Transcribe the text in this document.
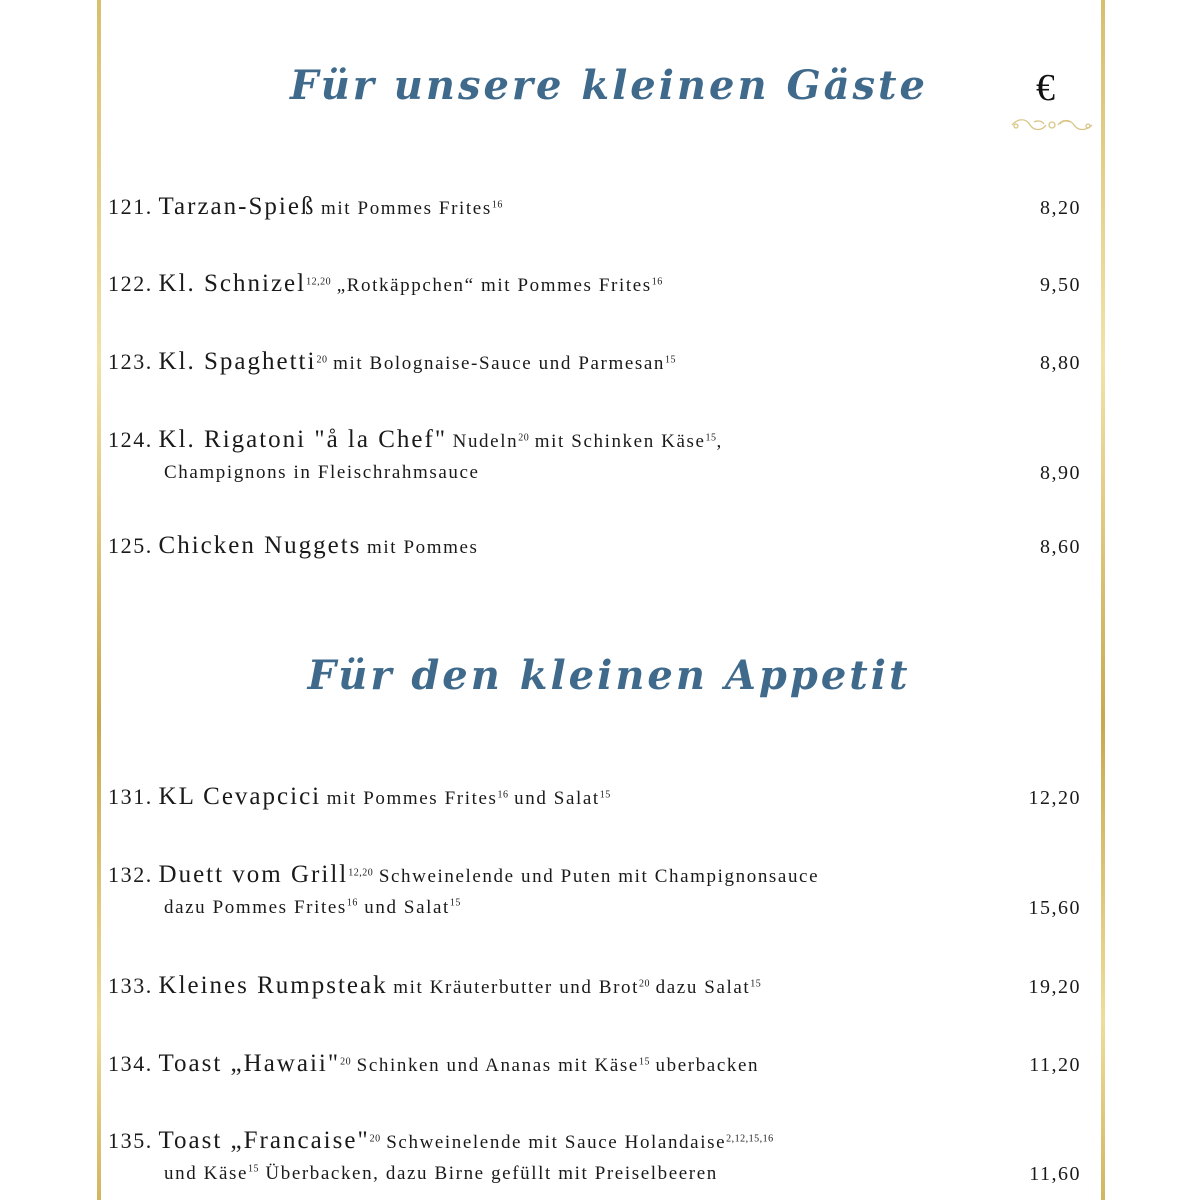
Für unsere kleinen Gäste	€
Für den kleinen Appetit
121. Tarzan-Spieß mit Pommes Frites$^{16}$	8,20
122. Kl. Schnizel$^{12,20}$ „Rotkäppchen“ mit Pommes Frites$^{16}$	9,50
123. Kl. Spaghetti$^{20}$ mit Bolognaise-Sauce und Parmesan$^{15}$	8,80
124. Kl. Rigatoni "å la Chef" Nudeln$^{20}$ mit Schinken Käse$^{15}$,
Champignons in Fleischrahmsauce	8,90
125. Chicken Nuggets mit Pommes	8,60
131. KL Cevapcici mit Pommes Frites$^{16}$ und Salat$^{15}$	12,20
132. Duett vom Grill$^{12,20}$ Schweinelende und Puten mit Champignonsauce
dazu Pommes Frites$^{16}$ und Salat$^{15}$	15,60
133. Kleines Rumpsteak mit Kräuterbutter und Brot$^{20}$ dazu Salat$^{15}$	19,20
134. Toast „Hawaii"$^{20}$ Schinken und Ananas mit Käse$^{15}$ uberbacken	11,20
135. Toast „Francaise"$^{20}$ Schweinelende mit Sauce Holandaise$^{2,12,15,16}$
und Käse$^{15}$ Überbacken, dazu Birne gefüllt mit Preiselbeeren	11,60
